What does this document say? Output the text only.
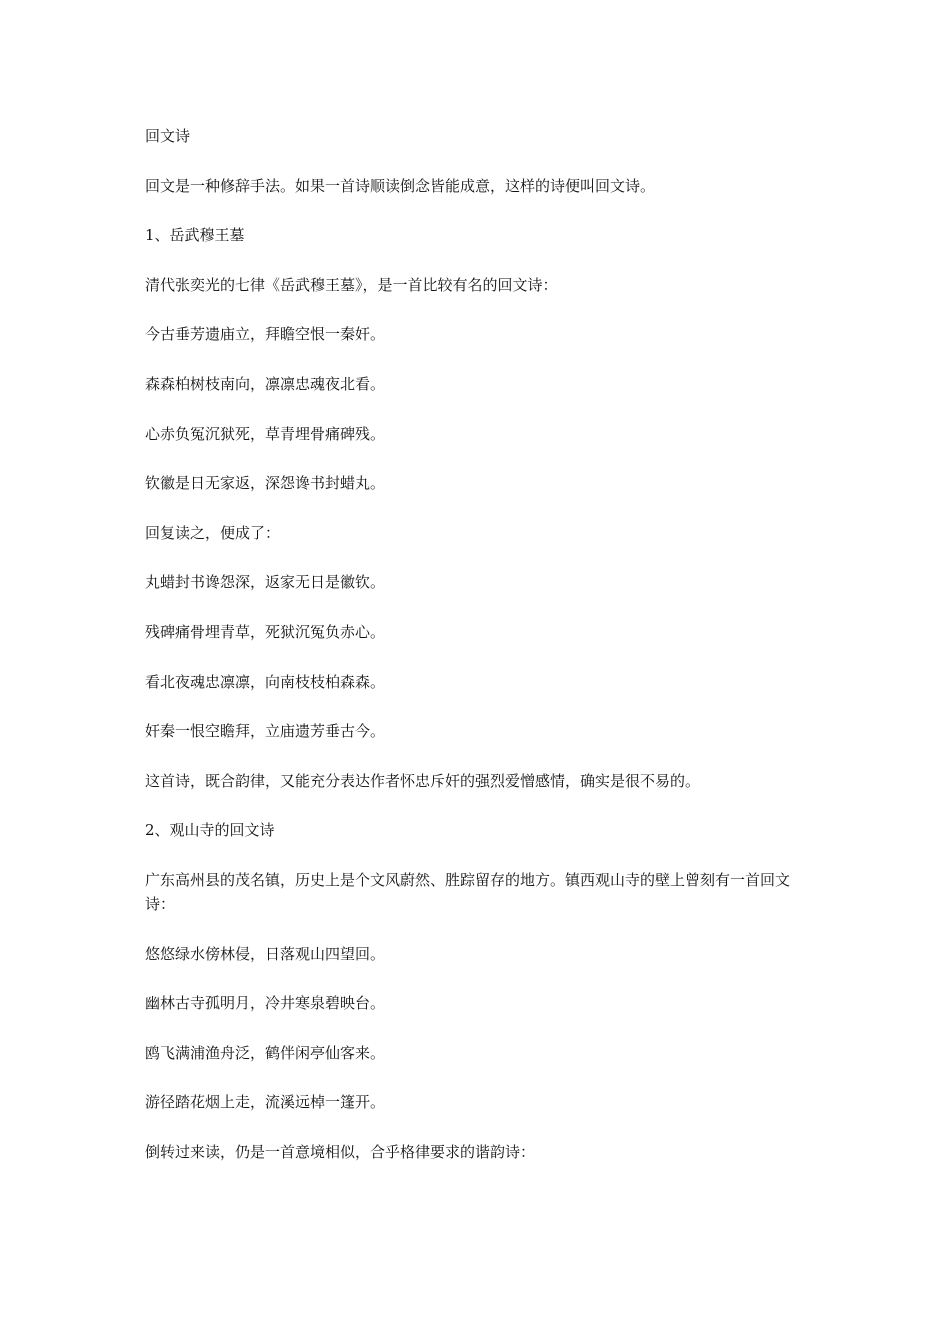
回文诗
回文是一种修辞手法。如果一首诗顺读倒念皆能成意，这样的诗便叫回文诗。
1、岳武穆王墓
清代张奕光的七律《岳武穆王墓》，是一首比较有名的回文诗：
今古垂芳遗庙立，拜瞻空恨一秦奸。
森森柏树枝南向，凛凛忠魂夜北看。
心赤负冤沉狱死，草青埋骨痛碑残。
钦徽是日无家返，深怨谗书封蜡丸。
回复读之，便成了：
丸蜡封书谗怨深，返家无日是徽钦。
残碑痛骨埋青草，死狱沉冤负赤心。
看北夜魂忠凛凛，向南枝枝柏森森。
奸秦一恨空瞻拜，立庙遗芳垂古今。
这首诗，既合韵律，又能充分表达作者怀忠斥奸的强烈爱憎感情，确实是很不易的。
2、观山寺的回文诗
广东高州县的茂名镇，历史上是个文风蔚然、胜踪留存的地方。镇西观山寺的壁上曾刻有一首回文诗：
悠悠绿水傍林侵，日落观山四望回。
幽林古寺孤明月，冷井寒泉碧映台。
鸥飞满浦渔舟泛，鹤伴闲亭仙客来。
游径踏花烟上走，流溪远棹一篷开。
倒转过来读，仍是一首意境相似，合乎格律要求的谐韵诗：
